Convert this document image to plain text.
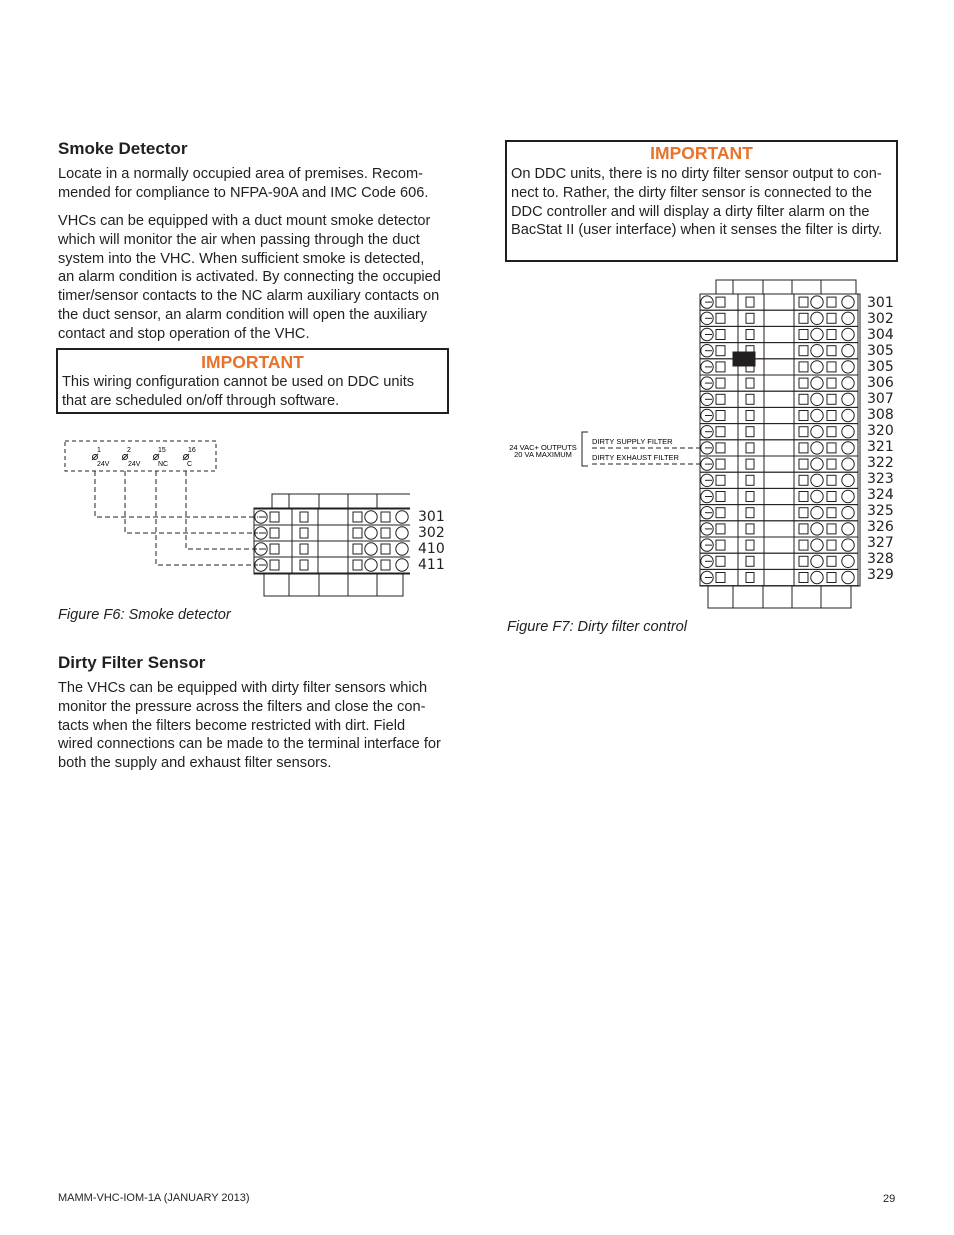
Smoke Detector

Locate in a normally occupied area of premises. Recom-

mended for compliance to NFPA-90A and IMC Code 606.

VHCs can be equipped with a duct mount smoke detector

which will monitor the air when passing through the duct

system into the VHC. When sufficient smoke is detected,

an alarm condition is activated. By connecting the occupied

timer/sensor contacts to the NC alarm auxiliary contacts on

the duct sensor, an alarm condition will open the auxiliary

contact and stop operation of the VHC.

IMPORTANT
This wiring configuration cannot be used on DDC units
that are scheduled on/off through software.
1	2	15	16
24V	24V	NC	C
301
302
410
411
Figure F6: Smoke detector
Dirty Filter Sensor

The VHCs can be equipped with dirty filter sensors which

monitor the pressure across the filters and close the con-

tacts when the filters become restricted with dirt. Field

wired connections can be made to the terminal interface for

both the supply and exhaust filter sensors.

IMPORTANT
On DDC units, there is no dirty filter sensor output to con-
nect to. Rather, the dirty filter sensor is connected to the
DDC controller and will display a dirty filter alarm on the
BacStat II (user interface) when it senses the filter is dirty.
24 VAC+ OUTPUTS
20 VA MAXIMUM
DIRTY SUPPLY FILTER
DIRTY EXHAUST FILTER
301
302
304
305
305
306
307
308
320
321
322
323
324
325
326
327
328
329
Figure F7: Dirty filter control
MAMM-VHC-IOM-1A (JANUARY 2013)	29
